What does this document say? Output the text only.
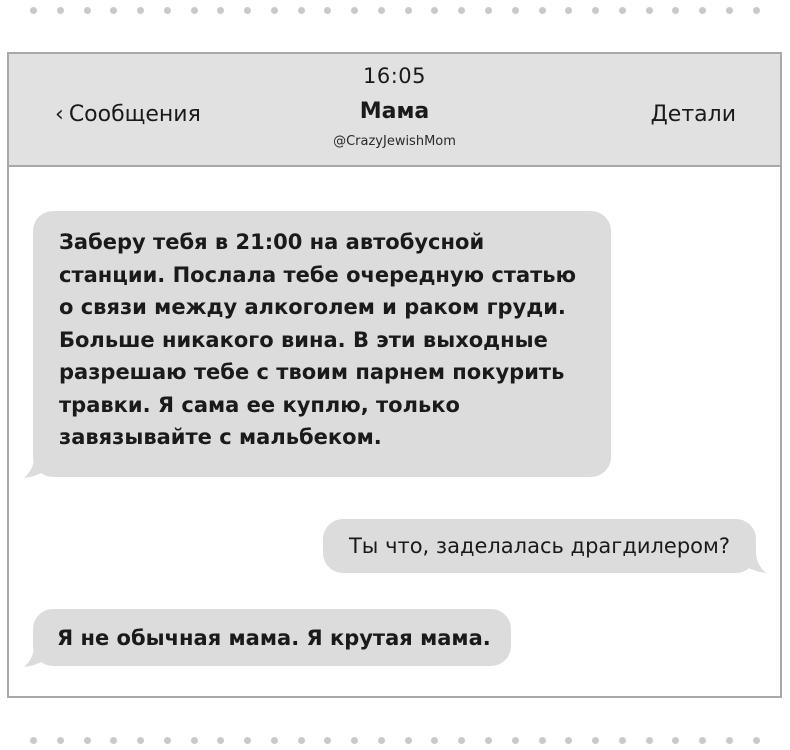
‹ Сообщения
16:05
Мама
@CrazyJewishMom
Детали
Заберу тебя в 21:00 на автобусной
станции. Послала тебе очередную статью
о связи между алкоголем и раком груди.
Больше никакого вина. В эти выходные
разрешаю тебе с твоим парнем покурить
травки. Я сама ее куплю, только
завязывайте с мальбеком.
Ты что, заделалась драгдилером?
Я не обычная мама. Я крутая мама.
